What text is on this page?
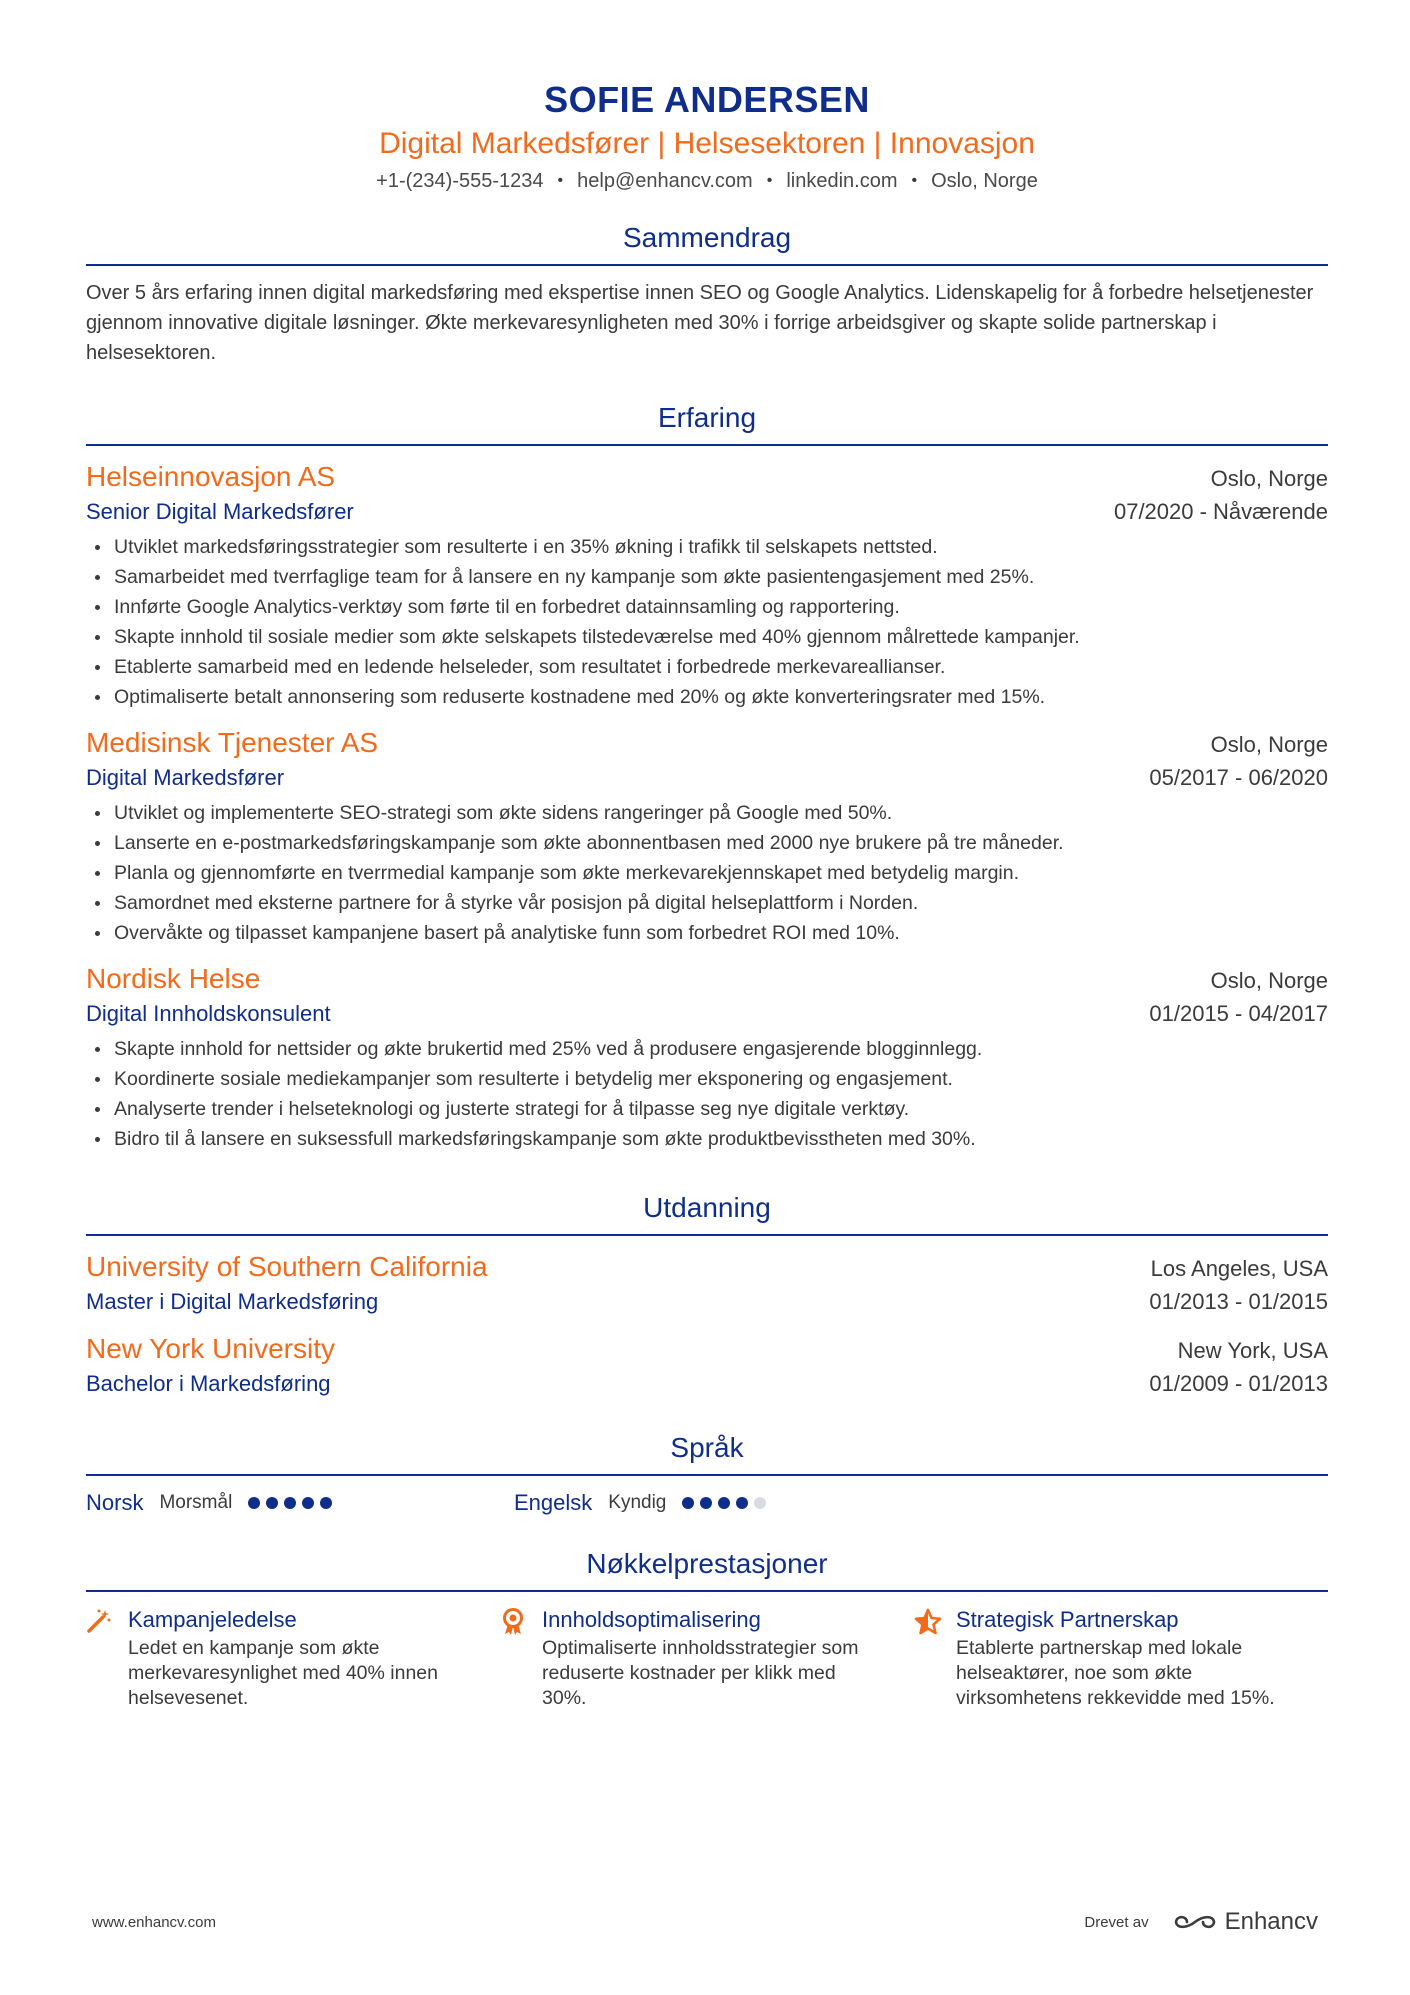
SOFIE ANDERSEN
Digital Markedsfører | Helsesektoren | Innovasjon
+1-(234)-555-1234 • help@enhancv.com • linkedin.com • Oslo, Norge
Sammendrag
Over 5 års erfaring innen digital markedsføring med ekspertise innen SEO og Google Analytics. Lidenskapelig for å forbedre helsetjenester gjennom innovative digitale løsninger. Økte merkevaresynligheten med 30% i forrige arbeidsgiver og skapte solide partnerskap i helsesektoren.
Erfaring
Helseinnovasjon AS	Oslo, Norge
Senior Digital Markedsfører	07/2020 - Nåværende
Utviklet markedsføringsstrategier som resulterte i en 35% økning i trafikk til selskapets nettsted.
Samarbeidet med tverrfaglige team for å lansere en ny kampanje som økte pasientengasjement med 25%.
Innførte Google Analytics-verktøy som førte til en forbedret datainnsamling og rapportering.
Skapte innhold til sosiale medier som økte selskapets tilstedeværelse med 40% gjennom målrettede kampanjer.
Etablerte samarbeid med en ledende helseleder, som resultatet i forbedrede merkevareallianser.
Optimaliserte betalt annonsering som reduserte kostnadene med 20% og økte konverteringsrater med 15%.
Medisinsk Tjenester AS	Oslo, Norge
Digital Markedsfører	05/2017 - 06/2020
Utviklet og implementerte SEO-strategi som økte sidens rangeringer på Google med 50%.
Lanserte en e-postmarkedsføringskampanje som økte abonnentbasen med 2000 nye brukere på tre måneder.
Planla og gjennomførte en tverrmedial kampanje som økte merkevarekjennskapet med betydelig margin.
Samordnet med eksterne partnere for å styrke vår posisjon på digital helseplattform i Norden.
Overvåkte og tilpasset kampanjene basert på analytiske funn som forbedret ROI med 10%.
Nordisk Helse	Oslo, Norge
Digital Innholdskonsulent	01/2015 - 04/2017
Skapte innhold for nettsider og økte brukertid med 25% ved å produsere engasjerende blogginnlegg.
Koordinerte sosiale mediekampanjer som resulterte i betydelig mer eksponering og engasjement.
Analyserte trender i helseteknologi og justerte strategi for å tilpasse seg nye digitale verktøy.
Bidro til å lansere en suksessfull markedsføringskampanje som økte produktbevisstheten med 30%.
Utdanning
University of Southern California	Los Angeles, USA
Master i Digital Markedsføring	01/2013 - 01/2015
New York University	New York, USA
Bachelor i Markedsføring	01/2009 - 01/2013
Språk
Norsk Morsmål	Engelsk Kyndig
Nøkkelprestasjoner
Kampanjeledelse
Ledet en kampanje som økte merkevaresynlighet med 40% innen helsevesenet.
Innholdsoptimalisering
Optimaliserte innholdsstrategier som reduserte kostnader per klikk med 30%.
Strategisk Partnerskap
Etablerte partnerskap med lokale helseaktører, noe som økte virksomhetens rekkevidde med 15%.
www.enhancv.com	Drevet av	Enhancv
